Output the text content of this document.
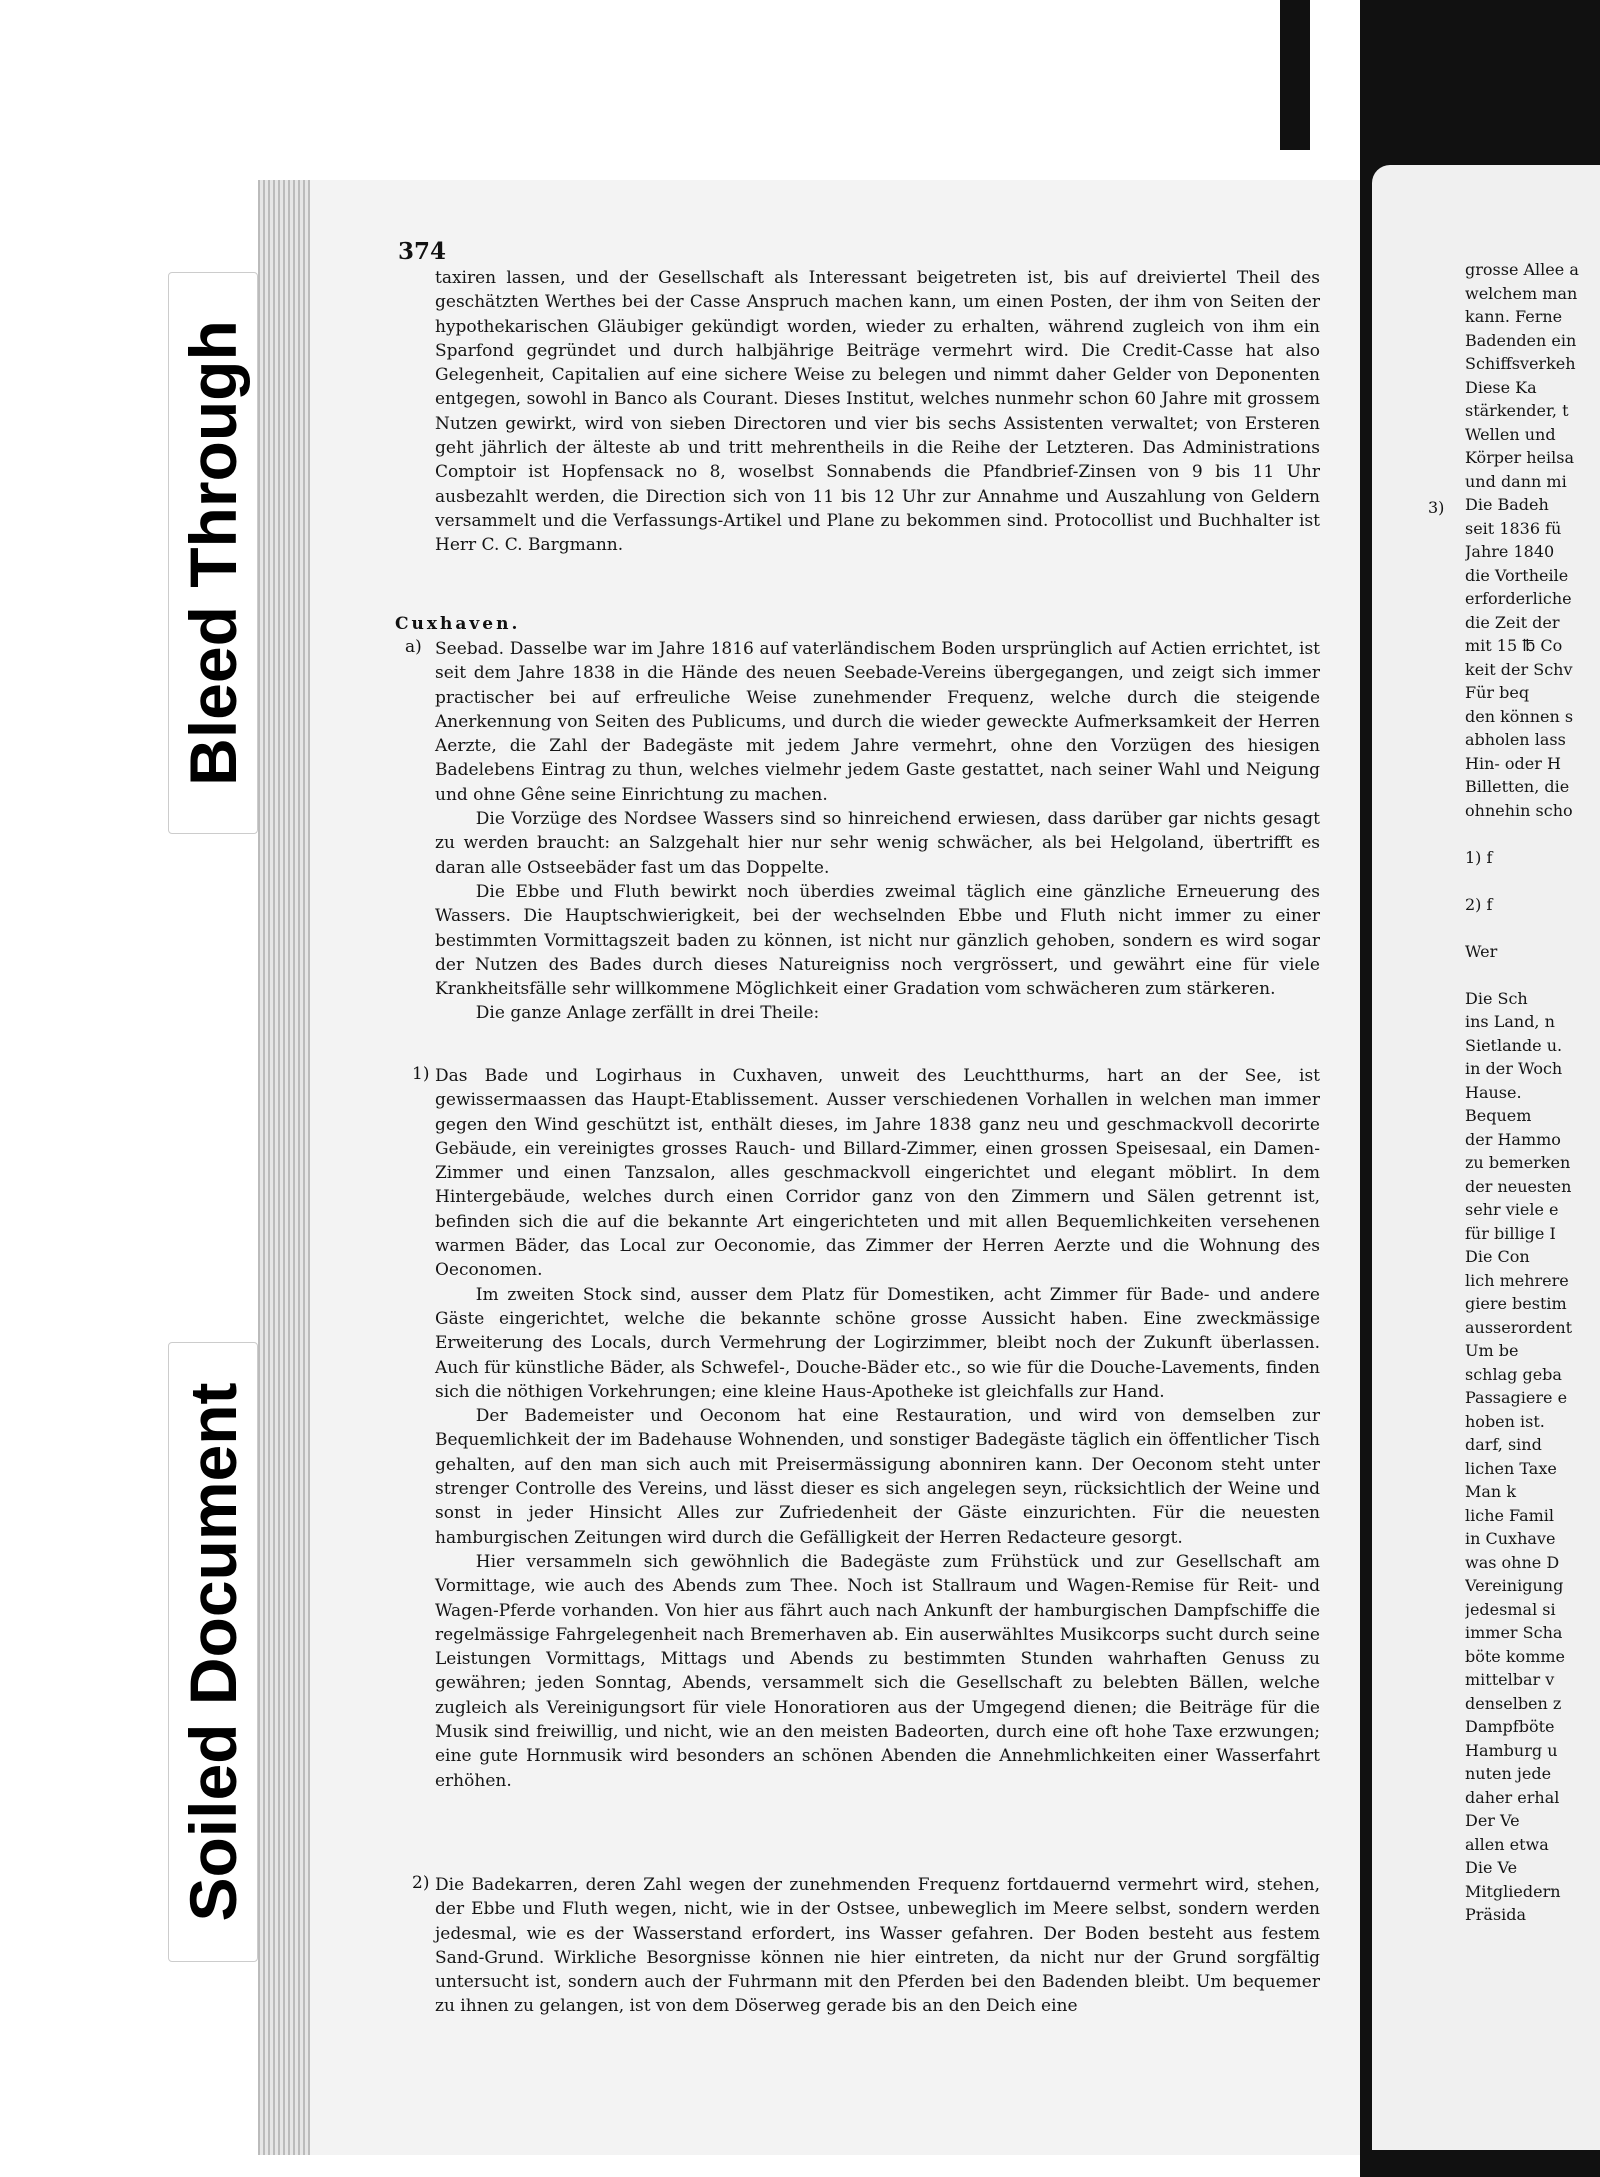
Bleed Through
Soiled Document
374

taxiren lassen, und der Gesellschaft als Interessant beigetreten ist, bis auf dreiviertel Theil des geschätzten Werthes bei der Casse Anspruch machen kann, um einen Posten, der ihm von Seiten der hypothekarischen Gläubiger gekündigt worden, wieder zu erhalten, während zugleich von ihm ein Sparfond gegründet und durch halbjährige Beiträge vermehrt wird. Die Credit-Casse hat also Gelegenheit, Capitalien auf eine sichere Weise zu belegen und nimmt daher Gelder von Deponenten entgegen, sowohl in Banco als Courant. Dieses Institut, welches nunmehr schon 60 Jahre mit grossem Nutzen gewirkt, wird von sieben Directoren und vier bis sechs Assistenten verwaltet; von Ersteren geht jährlich der älteste ab und tritt mehrentheils in die Reihe der Letzteren. Das Administrations Comptoir ist Hopfensack no 8, woselbst Sonnabends die Pfandbrief-Zinsen von 9 bis 11 Uhr ausbezahlt werden, die Direction sich von 11 bis 12 Uhr zur Annahme und Auszahlung von Geldern versammelt und die Verfassungs-Artikel und Plane zu bekommen sind. Protocollist und Buchhalter ist Herr C. C. Bargmann.

Cuxhaven.
a) Seebad. Dasselbe war im Jahre 1816 auf vaterländischem Boden ursprünglich auf Actien errichtet, ist seit dem Jahre 1838 in die Hände des neuen Seebade-Vereins übergegangen, und zeigt sich immer practischer bei auf erfreuliche Weise zunehmender Frequenz, welche durch die steigende Anerkennung von Seiten des Publicums, und durch die wieder geweckte Aufmerksamkeit der Herren Aerzte, die Zahl der Badegäste mit jedem Jahre vermehrt, ohne den Vorzügen des hiesigen Badelebens Eintrag zu thun, welches vielmehr jedem Gaste gestattet, nach seiner Wahl und Neigung und ohne Gêne seine Einrichtung zu machen.

Die Vorzüge des Nordsee Wassers sind so hinreichend erwiesen, dass darüber gar nichts gesagt zu werden braucht: an Salzgehalt hier nur sehr wenig schwächer, als bei Helgoland, übertrifft es daran alle Ostseebäder fast um das Doppelte.

Die Ebbe und Fluth bewirkt noch überdies zweimal täglich eine gänzliche Erneuerung des Wassers. Die Hauptschwierigkeit, bei der wechselnden Ebbe und Fluth nicht immer zu einer bestimmten Vormittagszeit baden zu können, ist nicht nur gänzlich gehoben, sondern es wird sogar der Nutzen des Bades durch dieses Natureigniss noch vergrössert, und gewährt eine für viele Krankheitsfälle sehr willkommene Möglichkeit einer Gradation vom schwächeren zum stärkeren.

Die ganze Anlage zerfällt in drei Theile:

1) Das Bade und Logirhaus in Cuxhaven, unweit des Leuchtthurms, hart an der See, ist gewissermaassen das Haupt-Etablissement. Ausser verschiedenen Vorhallen in welchen man immer gegen den Wind geschützt ist, enthält dieses, im Jahre 1838 ganz neu und geschmackvoll decorirte Gebäude, ein vereinigtes grosses Rauch- und Billard-Zimmer, einen grossen Speisesaal, ein Damen-Zimmer und einen Tanzsalon, alles geschmackvoll eingerichtet und elegant möblirt. In dem Hintergebäude, welches durch einen Corridor ganz von den Zimmern und Sälen getrennt ist, befinden sich die auf die bekannte Art eingerichteten und mit allen Bequemlichkeiten versehenen warmen Bäder, das Local zur Oeconomie, das Zimmer der Herren Aerzte und die Wohnung des Oeconomen.

Im zweiten Stock sind, ausser dem Platz für Domestiken, acht Zimmer für Bade- und andere Gäste eingerichtet, welche die bekannte schöne grosse Aussicht haben. Eine zweckmässige Erweiterung des Locals, durch Vermehrung der Logirzimmer, bleibt noch der Zukunft überlassen. Auch für künstliche Bäder, als Schwefel-, Douche-Bäder etc., so wie für die Douche-Lavements, finden sich die nöthigen Vorkehrungen; eine kleine Haus-Apotheke ist gleichfalls zur Hand.

Der Bademeister und Oeconom hat eine Restauration, und wird von demselben zur Bequemlichkeit der im Badehause Wohnenden, und sonstiger Badegäste täglich ein öffentlicher Tisch gehalten, auf den man sich auch mit Preisermässigung abonniren kann. Der Oeconom steht unter strenger Controlle des Vereins, und lässt dieser es sich angelegen seyn, rücksichtlich der Weine und sonst in jeder Hinsicht Alles zur Zufriedenheit der Gäste einzurichten. Für die neuesten hamburgischen Zeitungen wird durch die Gefälligkeit der Herren Redacteure gesorgt.

Hier versammeln sich gewöhnlich die Badegäste zum Frühstück und zur Gesellschaft am Vormittage, wie auch des Abends zum Thee. Noch ist Stallraum und Wagen-Remise für Reit- und Wagen-Pferde vorhanden. Von hier aus fährt auch nach Ankunft der hamburgischen Dampfschiffe die regelmässige Fahrgelegenheit nach Bremerhaven ab. Ein auserwähltes Musikcorps sucht durch seine Leistungen Vormittags, Mittags und Abends zu bestimmten Stunden wahrhaften Genuss zu gewähren; jeden Sonntag, Abends, versammelt sich die Gesellschaft zu belebten Bällen, welche zugleich als Vereinigungsort für viele Honoratioren aus der Umgegend dienen; die Beiträge für die Musik sind freiwillig, und nicht, wie an den meisten Badeorten, durch eine oft hohe Taxe erzwungen; eine gute Hornmusik wird besonders an schönen Abenden die Annehmlichkeiten einer Wasserfahrt erhöhen.

2) Die Badekarren, deren Zahl wegen der zunehmenden Frequenz fortdauernd vermehrt wird, stehen, der Ebbe und Fluth wegen, nicht, wie in der Ostsee, unbeweglich im Meere selbst, sondern werden jedesmal, wie es der Wasserstand erfordert, ins Wasser gefahren. Der Boden besteht aus festem Sand-Grund. Wirkliche Besorgnisse können nie hier eintreten, da nicht nur der Grund sorgfältig untersucht ist, sondern auch der Fuhrmann mit den Pferden bei den Badenden bleibt. Um bequemer zu ihnen zu gelangen, ist von dem Döserweg gerade bis an den Deich eine

3)
grosse Allee a
welchem man
kann. Ferne
Badenden ein
Schiffsverkeh
Diese Ka
stärkender, t
Wellen und
Körper heilsa
und dann mi
Die Badeh
seit 1836 fü
Jahre 1840
die Vortheile
erforderliche
die Zeit der
mit 15 ℔ Co
keit der Schv
Für beq
den können s
abholen lass
Hin- oder H
Billetten, die
ohnehin scho

1) f

2) f

Wer

Die Sch
ins Land, n
Sietlande u.
in der Woch
Hause.
Bequem
der Hammo
zu bemerken
der neuesten
sehr viele e
für billige I
Die Con
lich mehrere
giere bestim
ausserordent
Um be
schlag geba
Passagiere e
hoben ist.
darf, sind
lichen Taxe
Man k
liche Famil
in Cuxhave
was ohne D
Vereinigung
jedesmal si
immer Scha
böte komme
mittelbar v
denselben z
Dampfböte
Hamburg u
nuten jede
daher erhal
Der Ve
allen etwa
Die Ve
Mitgliedern
Präsida
